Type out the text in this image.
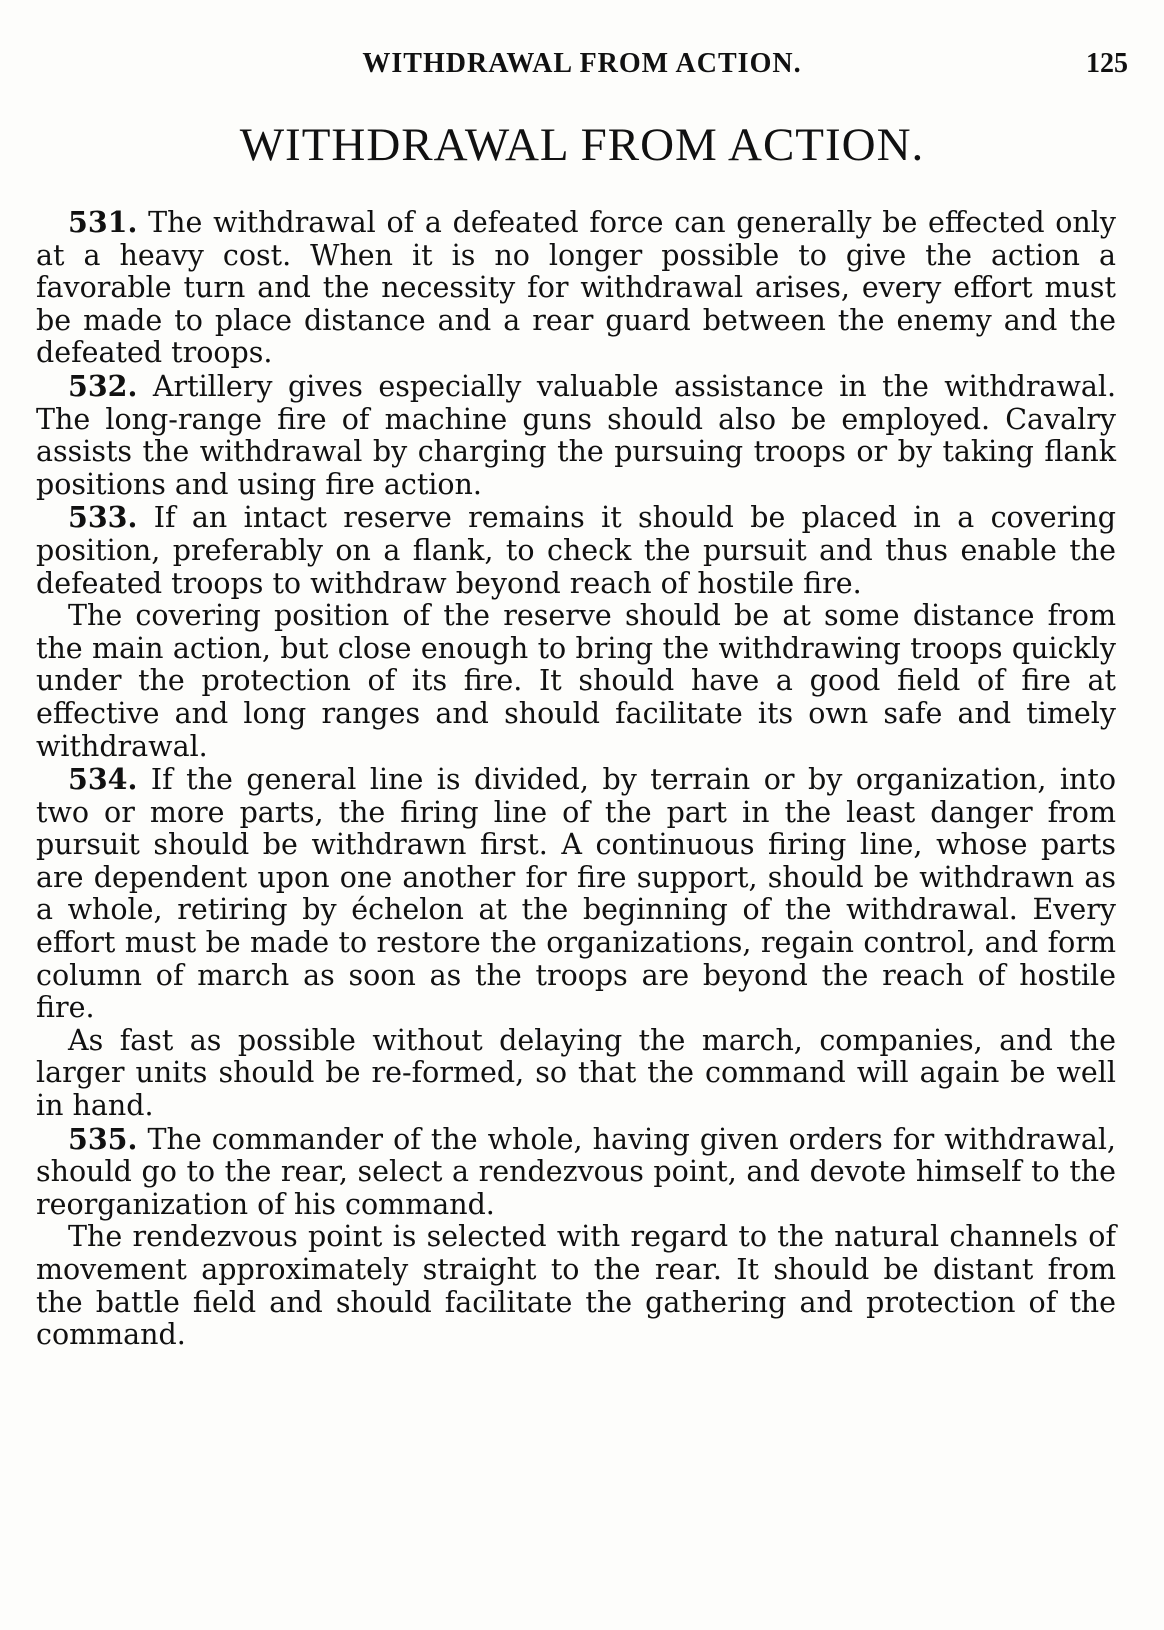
WITHDRAWAL FROM ACTION.	125
WITHDRAWAL FROM ACTION.

531. The withdrawal of a defeated force can generally be effected only at a heavy cost. When it is no longer possible to give the action a favorable turn and the necessity for withdrawal arises, every effort must be made to place distance and a rear guard between the enemy and the defeated troops.

532. Artillery gives especially valuable assistance in the withdrawal. The long-range fire of machine guns should also be employed. Cavalry assists the withdrawal by charging the pursuing troops or by taking flank positions and using fire action.

533. If an intact reserve remains it should be placed in a covering position, preferably on a flank, to check the pursuit and thus enable the defeated troops to withdraw beyond reach of hostile fire.

The covering position of the reserve should be at some distance from the main action, but close enough to bring the withdrawing troops quickly under the protection of its fire. It should have a good field of fire at effective and long ranges and should facilitate its own safe and timely withdrawal.

534. If the general line is divided, by terrain or by organization, into two or more parts, the firing line of the part in the least danger from pursuit should be withdrawn first. A continuous firing line, whose parts are dependent upon one another for fire support, should be withdrawn as a whole, retiring by échelon at the beginning of the withdrawal. Every effort must be made to restore the organizations, regain control, and form column of march as soon as the troops are beyond the reach of hostile fire.

As fast as possible without delaying the march, companies, and the larger units should be re-formed, so that the command will again be well in hand.

535. The commander of the whole, having given orders for withdrawal, should go to the rear, select a rendezvous point, and devote himself to the reorganization of his command.

The rendezvous point is selected with regard to the natural channels of movement approximately straight to the rear. It should be distant from the battle field and should facilitate the gathering and protection of the command.
